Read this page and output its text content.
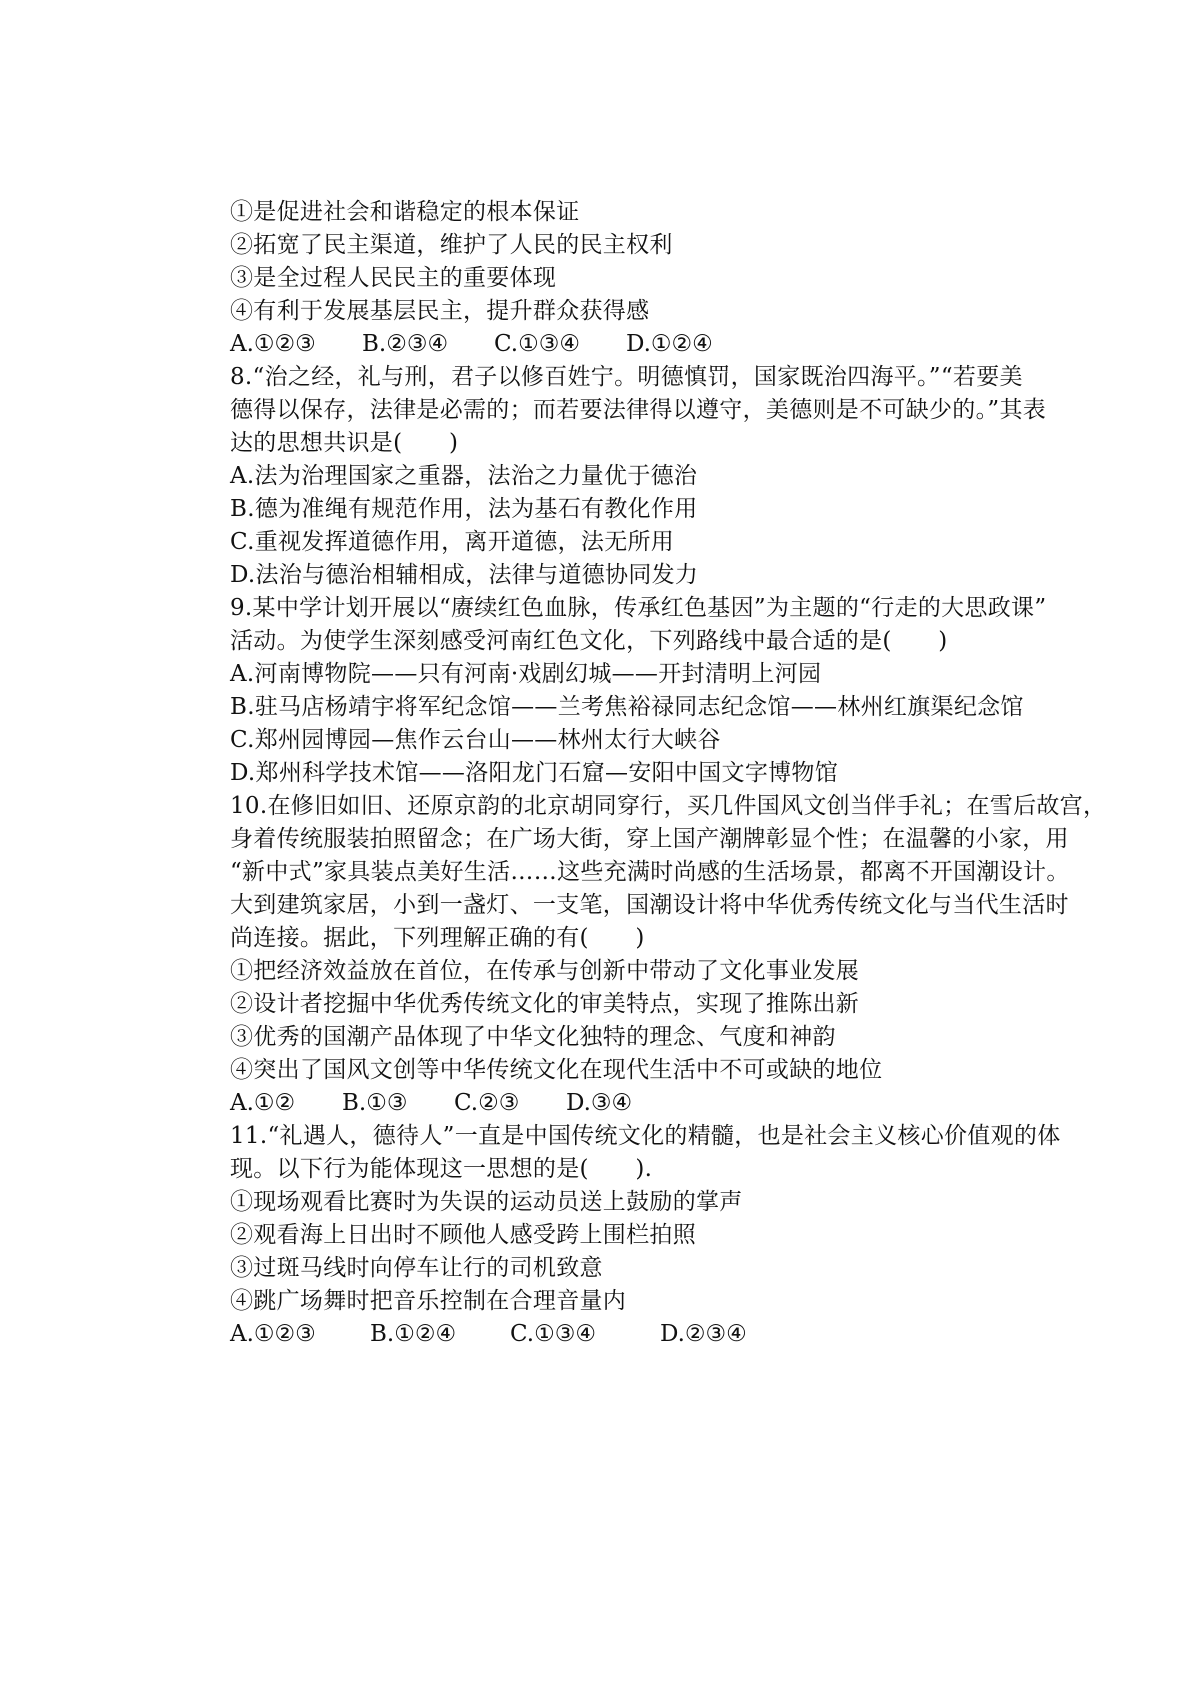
①是促进社会和谐稳定的根本保证
②拓宽了民主渠道，维护了人民的民主权利
③是全过程人民民主的重要体现
④有利于发展基层民主，提升群众获得感
A.①②③	B.②③④	C.①③④	D.①②④
8.“治之经，礼与刑，君子以修百姓宁。明德慎罚，国家既治四海平。”“若要美
德得以保存，法律是必需的；而若要法律得以遵守，美德则是不可缺少的。”其表
达的思想共识是(　　)
A.法为治理国家之重器，法治之力量优于德治
B.德为准绳有规范作用，法为基石有教化作用
C.重视发挥道德作用，离开道德，法无所用
D.法治与德治相辅相成，法律与道德协同发力
9.某中学计划开展以“赓续红色血脉，传承红色基因”为主题的“行走的大思政课”
活动。为使学生深刻感受河南红色文化，下列路线中最合适的是(　　)
A.河南博物院——只有河南·戏剧幻城——开封清明上河园
B.驻马店杨靖宇将军纪念馆——兰考焦裕禄同志纪念馆——林州红旗渠纪念馆
C.郑州园博园—焦作云台山——林州太行大峡谷
D.郑州科学技术馆——洛阳龙门石窟—安阳中国文字博物馆
10.在修旧如旧、还原京韵的北京胡同穿行，买几件国风文创当伴手礼；在雪后故宫，
身着传统服装拍照留念；在广场大街，穿上国产潮牌彰显个性；在温馨的小家，用
“新中式”家具装点美好生活……这些充满时尚感的生活场景，都离不开国潮设计。
大到建筑家居，小到一盏灯、一支笔，国潮设计将中华优秀传统文化与当代生活时
尚连接。据此，下列理解正确的有(　　)
①把经济效益放在首位，在传承与创新中带动了文化事业发展
②设计者挖掘中华优秀传统文化的审美特点，实现了推陈出新
③优秀的国潮产品体现了中华文化独特的理念、气度和神韵
④突出了国风文创等中华传统文化在现代生活中不可或缺的地位
A.①②	B.①③	C.②③	D.③④
11.“礼遇人，德待人”一直是中国传统文化的精髓，也是社会主义核心价值观的体
现。以下行为能体现这一思想的是(　　).
①现场观看比赛时为失误的运动员送上鼓励的掌声
②观看海上日出时不顾他人感受跨上围栏拍照
③过斑马线时向停车让行的司机致意
④跳广场舞时把音乐控制在合理音量内
A.①②③	B.①②④	C.①③④	D.②③④
